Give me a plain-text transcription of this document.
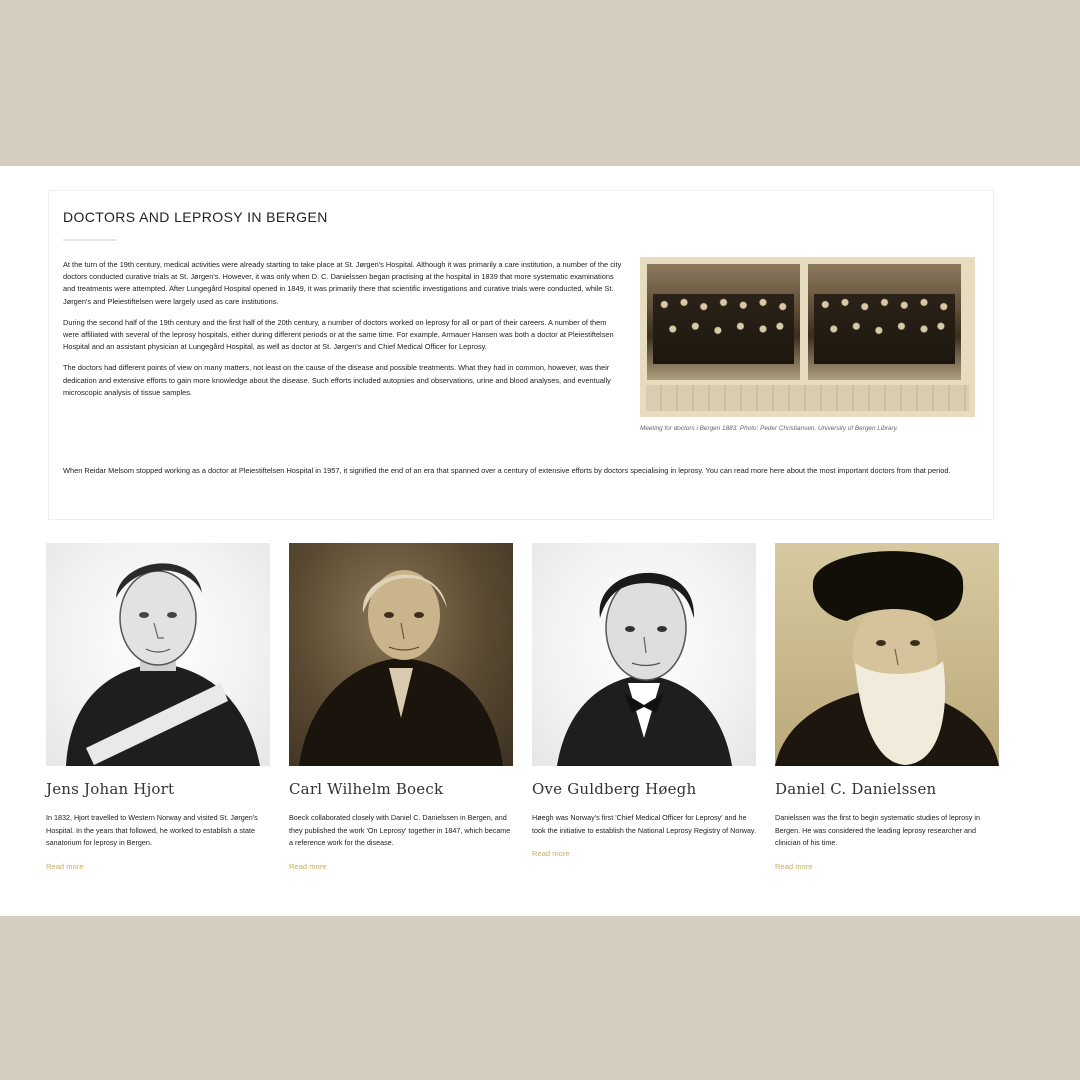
DOCTORS AND LEPROSY IN BERGEN

At the turn of the 19th century, medical activities were already starting to take place at St. Jørgen's Hospital. Although it was primarily a care institution, a number of the city doctors conducted curative trials at St. Jørgen's. However, it was only when D. C. Danielssen began practising at the hospital in 1839 that more systematic examinations and treatments were attempted. After Lungegård Hospital opened in 1849, it was primarily there that scientific investigations and curative trials were conducted, while St. Jørgen's and Pleiestiftelsen were largely used as care institutions.

During the second half of the 19th century and the first half of the 20th century, a number of doctors worked on leprosy for all or part of their careers. A number of them were affiliated with several of the leprosy hospitals, either during different periods or at the same time. For example, Armauer Hansen was both a doctor at Pleiestiftelsen Hospital and an assistant physician at Lungegård Hospital, as well as doctor at St. Jørgen's and Chief Medical Officer for Leprosy.

The doctors had different points of view on many matters, not least on the cause of the disease and possible treatments. What they had in common, however, was their dedication and extensive efforts to gain more knowledge about the disease. Such efforts included autopsies and observations, urine and blood analyses, and eventually microscopic analysis of tissue samples.

Meeting for doctors i Bergen 1883. Photo: Peder Christiansen. University of Bergen Library.

When Reidar Melsom stopped working as a doctor at Pleiestiftelsen Hospital in 1957, it signified the end of an era that spanned over a century of extensive efforts by doctors specialising in leprosy. You can read more here about the most important doctors from that period.

Jens Johan Hjort

In 1832, Hjort travelled to Western Norway and visited St. Jørgen's Hospital. In the years that followed, he worked to establish a state sanatorium for leprosy in Bergen.

Read more
Carl Wilhelm Boeck

Boeck collaborated closely with Daniel C. Danielssen in Bergen, and they published the work 'On Leprosy' together in 1847, which became a reference work for the disease.

Read more
Ove Guldberg Høegh

Høegh was Norway's first 'Chief Medical Officer for Leprosy' and he took the initiative to establish the National Leprosy Registry of Norway.

Read more
Daniel C. Danielssen

Danielssen was the first to begin systematic studies of leprosy in Bergen. He was considered the leading leprosy researcher and clinician of his time.

Read more
